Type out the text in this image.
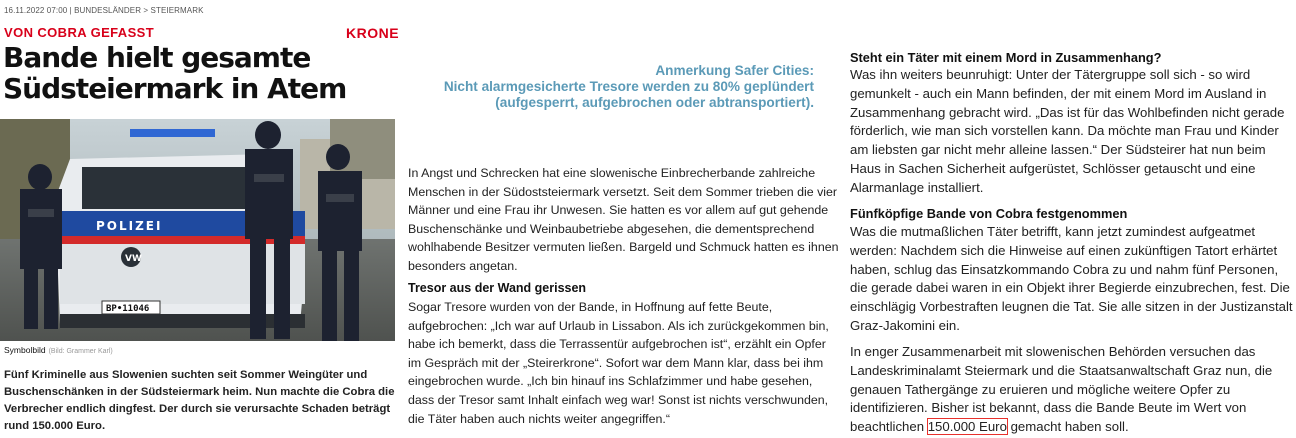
16.11.2022 07:00 | BUNDESLÄNDER > STEIERMARK
VON COBRA GEFASST	KRONE
Bande hielt gesamte Südsteiermark in Atem
POLIZEI
VW
BP•11046
Symbolbild (Bild: Grammer Karl)

Fünf Kriminelle aus Slowenien suchten seit Sommer Weingüter und Buschenschänken in der Südsteiermark heim. Nun machte die Cobra die Verbrecher endlich dingfest. Der durch sie verursachte Schaden beträgt rund 150.000 Euro.

Anmerkung Safer Cities:
Nicht alarmgesicherte Tresore werden zu 80% geplündert
(aufgesperrt, aufgebrochen oder abtransportiert).

In Angst und Schrecken hat eine slowenische Einbrecherbande zahlreiche Menschen in der Südoststeiermark versetzt. Seit dem Sommer trieben die vier Männer und eine Frau ihr Unwesen. Sie hatten es vor allem auf gut gehende Buschenschänke und Weinbaubetriebe abgesehen, die dementsprechend wohlhabende Besitzer vermuten ließen. Bargeld und Schmuck hatten es ihnen besonders angetan.

Tresor aus der Wand gerissen

Sogar Tresore wurden von der Bande, in Hoffnung auf fette Beute, aufgebrochen: „Ich war auf Urlaub in Lissabon. Als ich zurückgekommen bin, habe ich bemerkt, dass die Terrassentür aufgebrochen ist“, erzählt ein Opfer im Gespräch mit der „Steirerkrone“. Sofort war dem Mann klar, dass bei ihm eingebrochen wurde. „Ich bin hinauf ins Schlafzimmer und habe gesehen, dass der Tresor samt Inhalt einfach weg war! Sonst ist nichts verschwunden, die Täter haben auch nichts weiter angegriffen.“

Steht ein Täter mit einem Mord in Zusammenhang?

Was ihn weiters beunruhigt: Unter der Tätergruppe soll sich - so wird gemunkelt - auch ein Mann befinden, der mit einem Mord im Ausland in Zusammenhang gebracht wird. „Das ist für das Wohlbefinden nicht gerade förderlich, wie man sich vorstellen kann. Da möchte man Frau und Kinder am liebsten gar nicht mehr alleine lassen.“ Der Südsteirer hat nun beim Haus in Sachen Sicherheit aufgerüstet, Schlösser getauscht und eine Alarmanlage installiert.

Fünfköpfige Bande von Cobra festgenommen

Was die mutmaßlichen Täter betrifft, kann jetzt zumindest aufgeatmet werden: Nachdem sich die Hinweise auf einen zukünftigen Tatort erhärtet haben, schlug das Einsatzkommando Cobra zu und nahm fünf Personen, die gerade dabei waren in ein Objekt ihrer Begierde einzubrechen, fest. Die einschlägig Vorbestraften leugnen die Tat. Sie alle sitzen in der Justizanstalt Graz-Jakomini ein.

In enger Zusammenarbeit mit slowenischen Behörden versuchen das Landeskriminalamt Steiermark und die Staatsanwaltschaft Graz nun, die genauen Tathergänge zu eruieren und mögliche weitere Opfer zu identifizieren. Bisher ist bekannt, dass die Bande Beute im Wert von beachtlichen 150.000 Euro gemacht haben soll.
